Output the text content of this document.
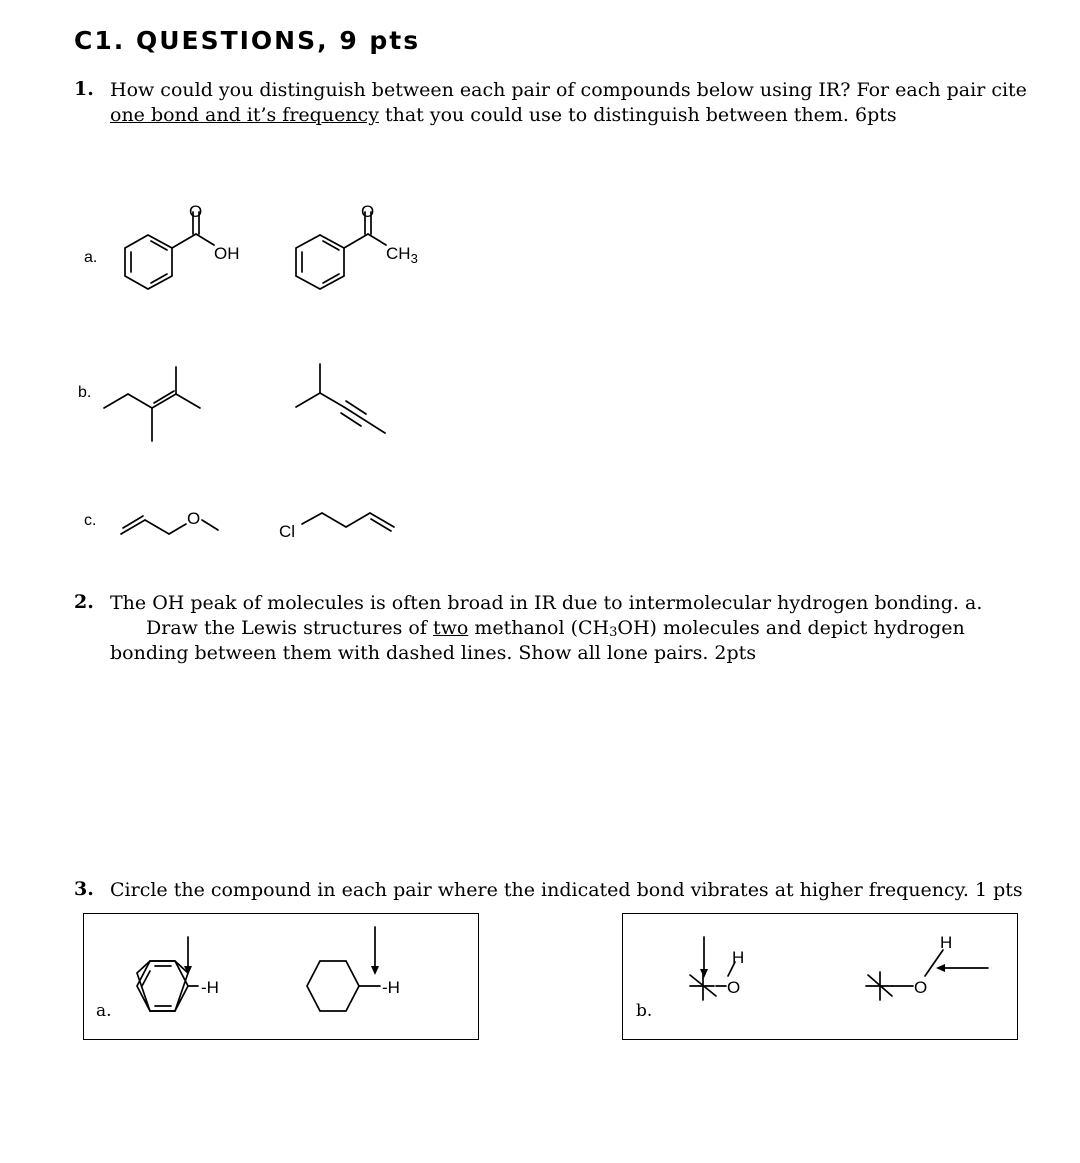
C1. QUESTIONS, 9 pts
1. How could you distinguish between each pair of compounds below using IR? For each pair cite
one bond and it’s frequency that you could use to distinguish between them. 6pts
a.
b.
c.
O
OH
O
$CH_3$
O
Cl
-H	-H	O
H
O
H
2. The OH peak of molecules is often broad in IR due to intermolecular hydrogen bonding. a.
Draw the Lewis structures of two methanol $(CH_3OH)$ molecules and depict hydrogen
bonding between them with dashed lines. Show all lone pairs. 2pts
3. Circle the compound in each pair where the indicated bond vibrates at higher frequency. 1 pts
a.	b.
